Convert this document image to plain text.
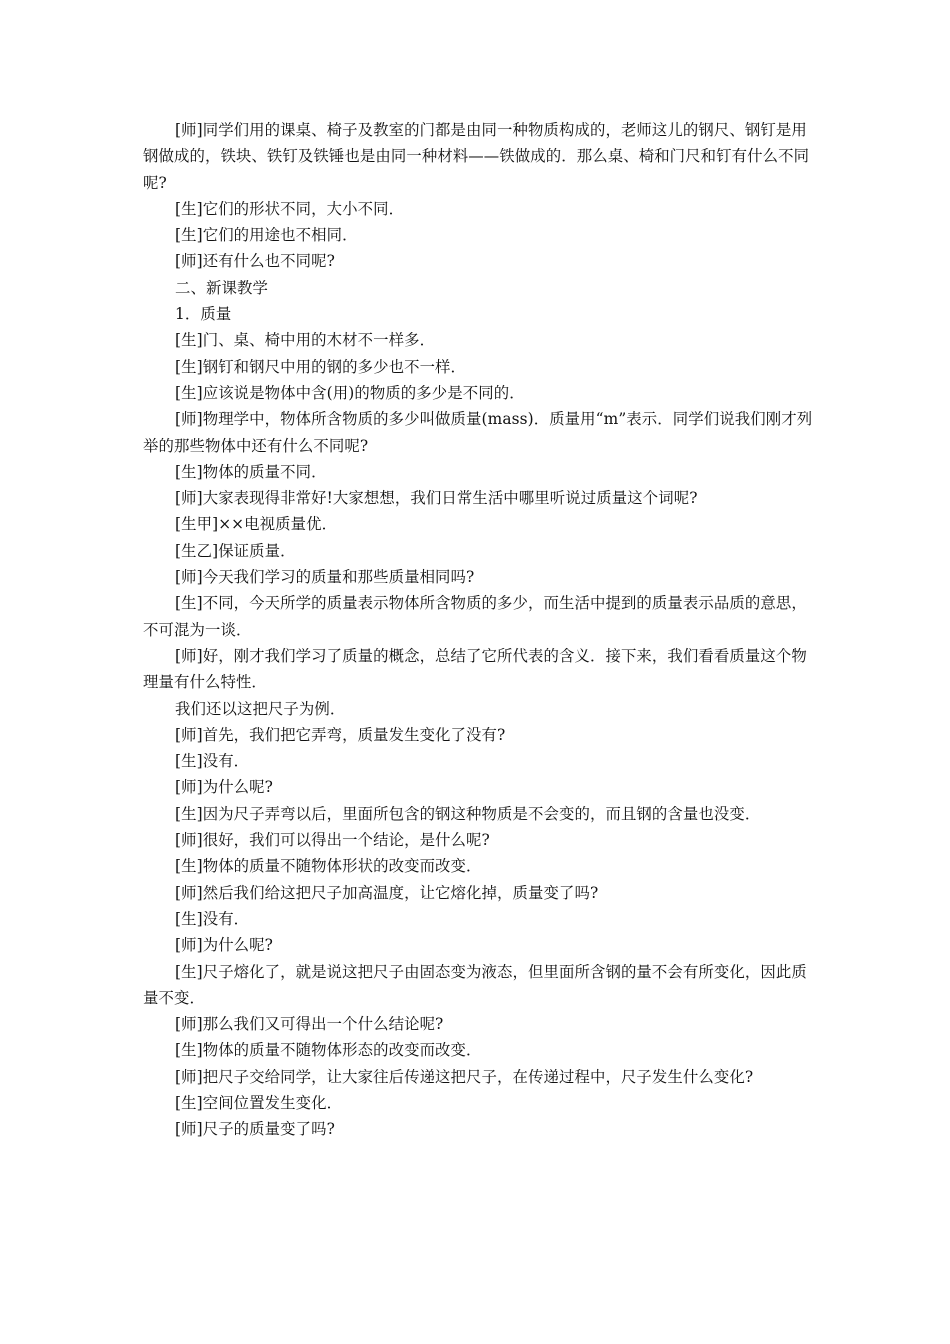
[师]同学们用的课桌、椅子及教室的门都是由同一种物质构成的，老师这儿的钢尺、钢钉是用钢做成的，铁块、铁钉及铁锤也是由同一种材料——铁做成的．那么桌、椅和门尺和钉有什么不同呢?

[生]它们的形状不同，大小不同．

[生]它们的用途也不相同．

[师]还有什么也不同呢?

二、新课教学

1．质量

[生]门、桌、椅中用的木材不一样多．

[生]钢钉和钢尺中用的钢的多少也不一样．

[生]应该说是物体中含(用)的物质的多少是不同的．

[师]物理学中，物体所含物质的多少叫做质量(mass)．质量用“m”表示．同学们说我们刚才列举的那些物体中还有什么不同呢?

[生]物体的质量不同．

[师]大家表现得非常好!大家想想，我们日常生活中哪里听说过质量这个词呢?

[生甲]××电视质量优．

[生乙]保证质量．

[师]今天我们学习的质量和那些质量相同吗?

[生]不同，今天所学的质量表示物体所含物质的多少，而生活中提到的质量表示品质的意思，不可混为一谈．

[师]好，刚才我们学习了质量的概念，总结了它所代表的含义．接下来，我们看看质量这个物理量有什么特性．

我们还以这把尺子为例．

[师]首先，我们把它弄弯，质量发生变化了没有?

[生]没有．

[师]为什么呢?

[生]因为尺子弄弯以后，里面所包含的钢这种物质是不会变的，而且钢的含量也没变．

[师]很好，我们可以得出一个结论，是什么呢?

[生]物体的质量不随物体形状的改变而改变．

[师]然后我们给这把尺子加高温度，让它熔化掉，质量变了吗?

[生]没有．

[师]为什么呢?

[生]尺子熔化了，就是说这把尺子由固态变为液态，但里面所含钢的量不会有所变化，因此质量不变．

[师]那么我们又可得出一个什么结论呢?

[生]物体的质量不随物体形态的改变而改变．

[师]把尺子交给同学，让大家往后传递这把尺子，在传递过程中，尺子发生什么变化?

[生]空间位置发生变化．

[师]尺子的质量变了吗?
